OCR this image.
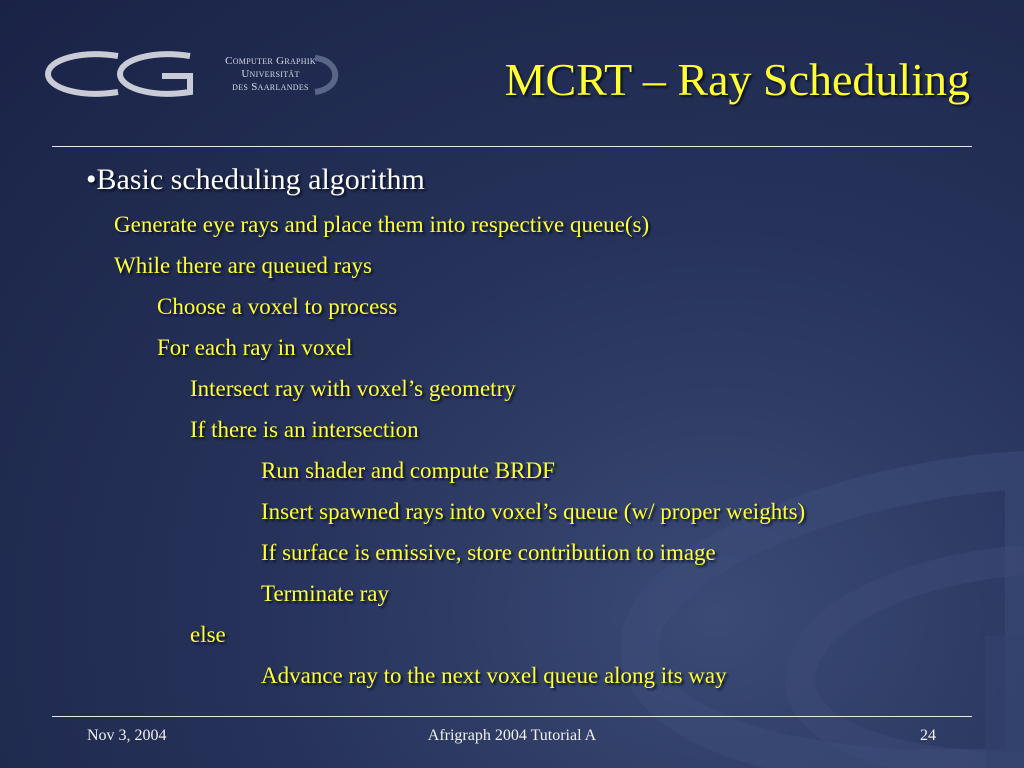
Computer Graphik
Universität
des Saarlandes	MCRT – Ray Scheduling
•Basic scheduling algorithm
Generate eye rays and place them into respective queue(s)
While there are queued rays
Choose a voxel to process
For each ray in voxel
Intersect ray with voxel’s geometry
If there is an intersection
Run shader and compute BRDF
Insert spawned rays into voxel’s queue (w/ proper weights)
If surface is emissive, store contribution to image
Terminate ray
else
Advance ray to the next voxel queue along its way
Nov 3, 2004	Afrigraph 2004 Tutorial A	24
